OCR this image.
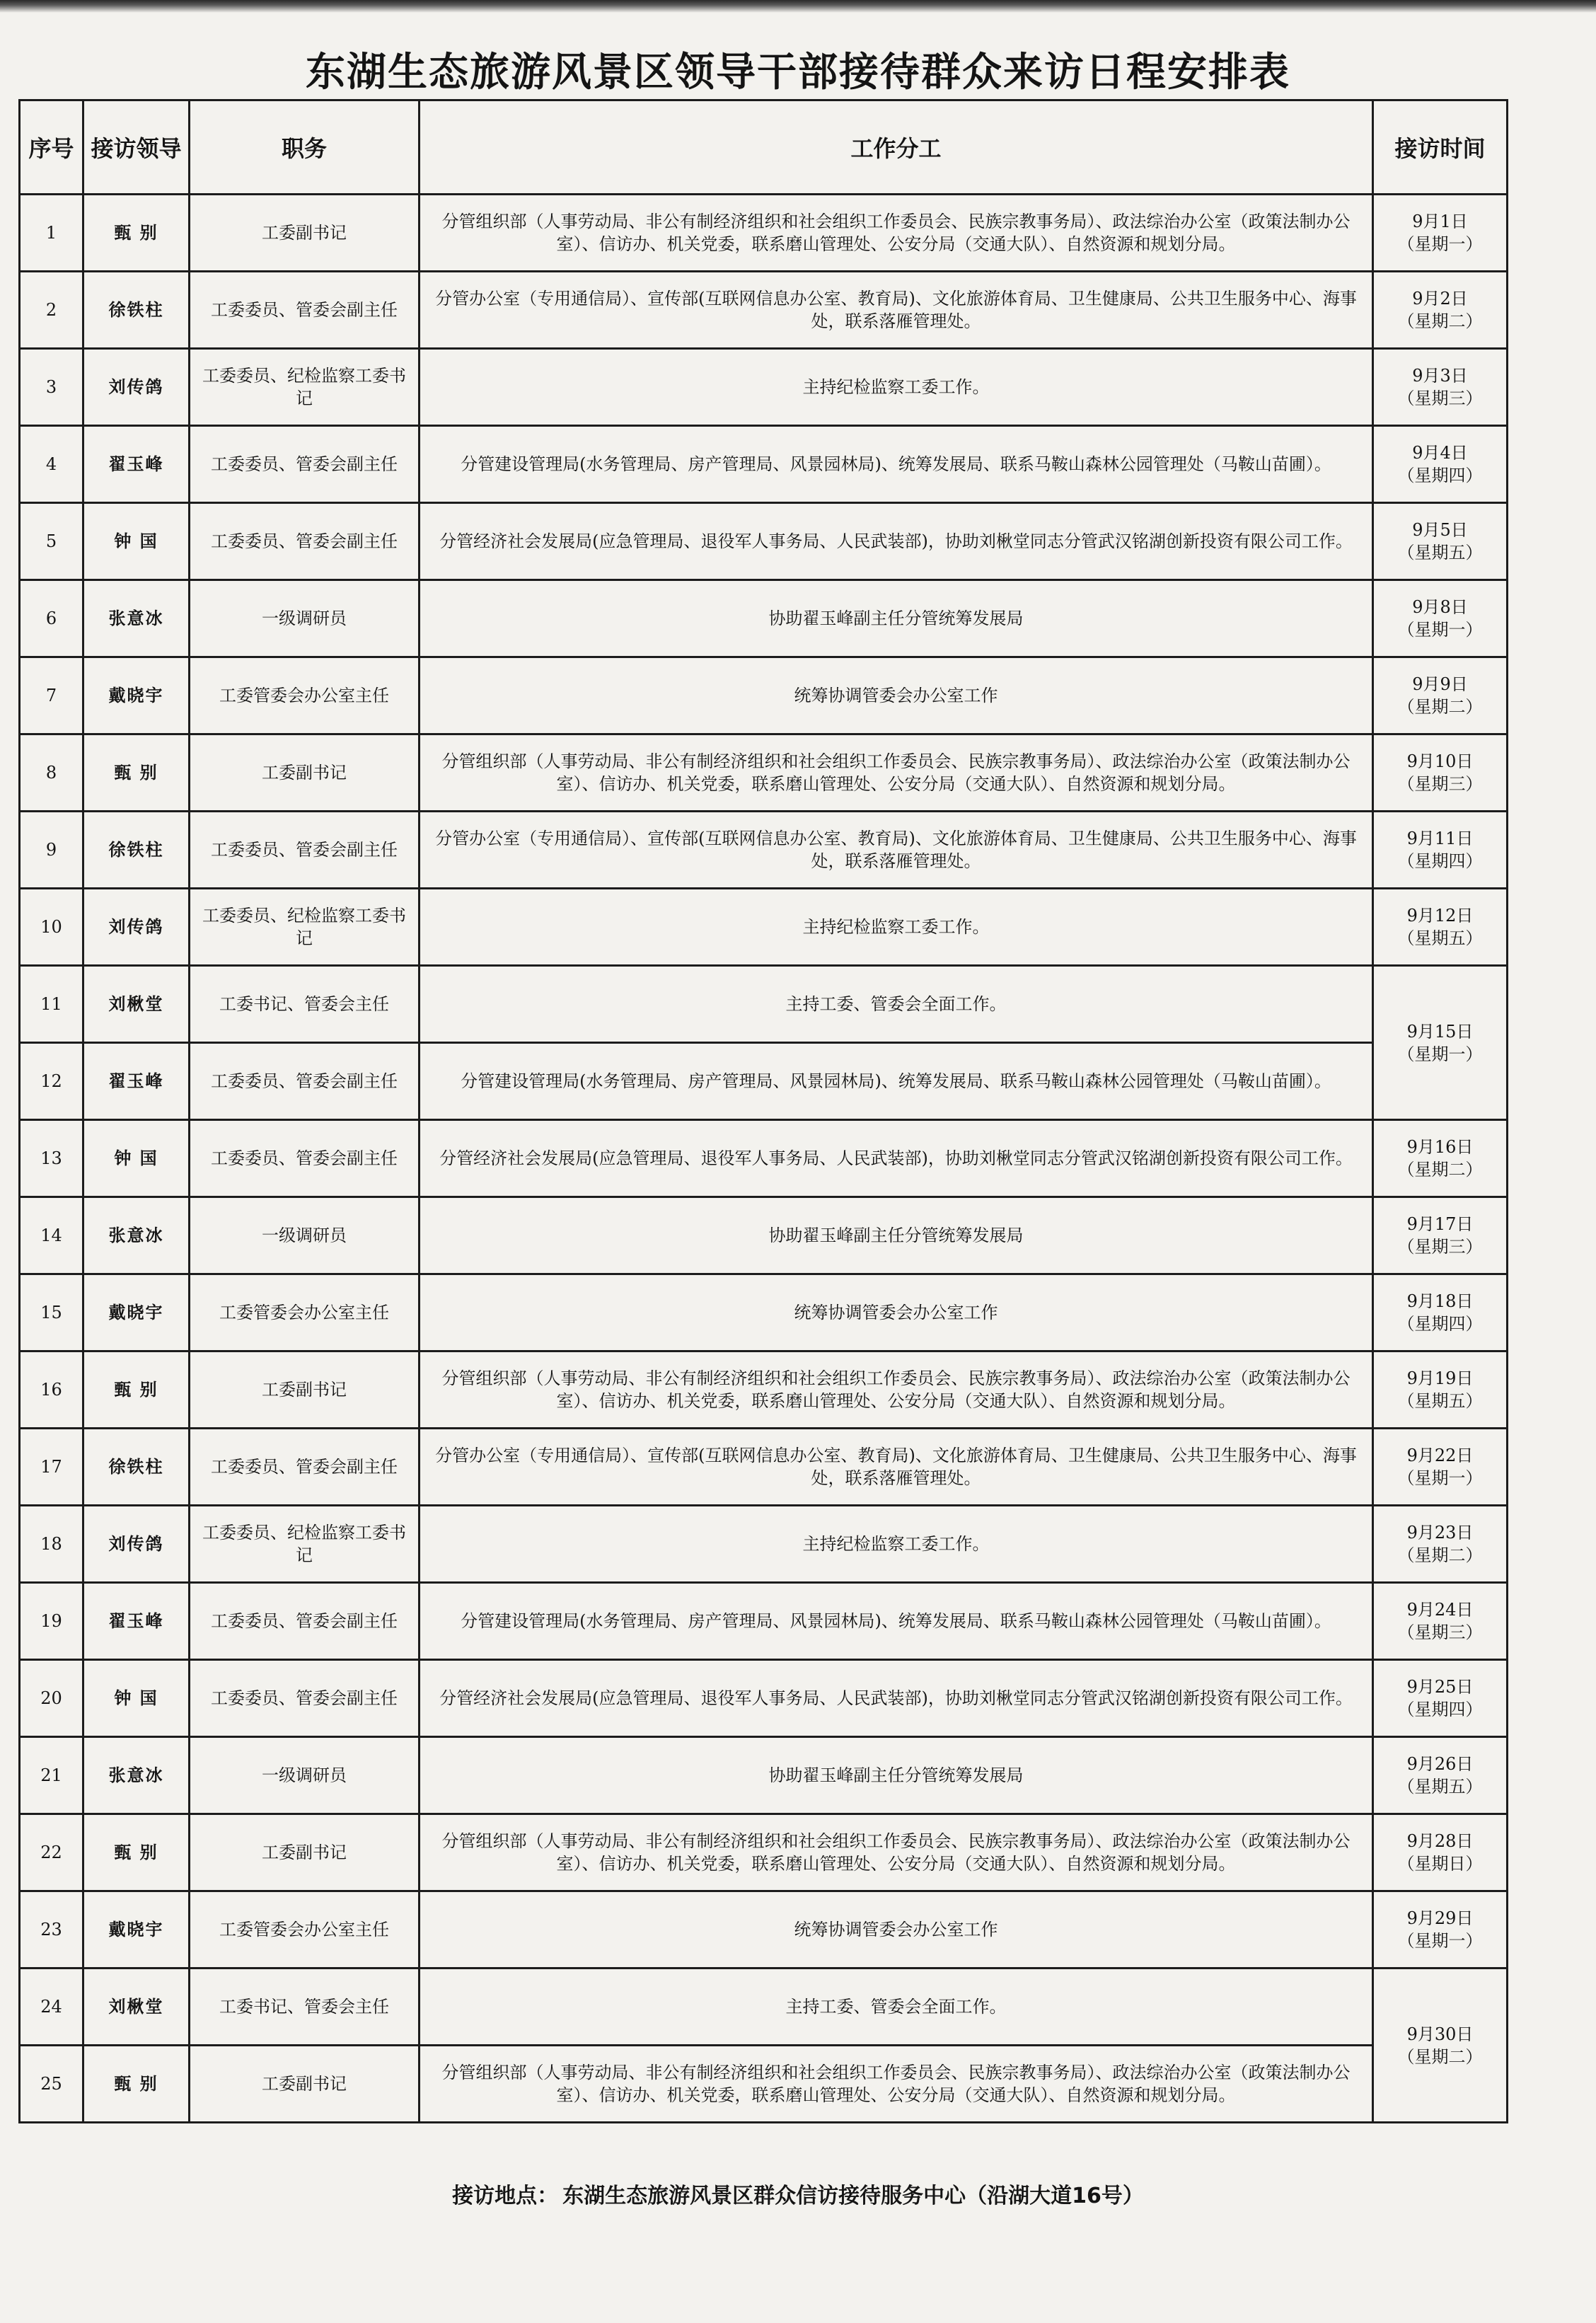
东湖生态旅游风景区领导干部接待群众来访日程安排表
序号	接访领导	职务	工作分工	接访时间
1	甄 别	工委副书记	分管组织部（人事劳动局、非公有制经济组织和社会组织工作委员会、民族宗教事务局）、政法综治办公室（政策法制办公室）、信访办、机关党委，联系磨山管理处、公安分局（交通大队）、自然资源和规划分局。	9月1日
（星期一）

2	徐铁柱	工委委员、管委会副主任	分管办公室（专用通信局）、宣传部(互联网信息办公室、教育局)、文化旅游体育局、卫生健康局、公共卫生服务中心、海事处，联系落雁管理处。	9月2日
（星期二）

3	刘传鸽	工委委员、纪检监察工委书记	主持纪检监察工委工作。	9月3日
（星期三）

4	翟玉峰	工委委员、管委会副主任	分管建设管理局(水务管理局、房产管理局、风景园林局)、统筹发展局、联系马鞍山森林公园管理处（马鞍山苗圃）。	9月4日
（星期四）

5	钟 国	工委委员、管委会副主任	分管经济社会发展局(应急管理局、退役军人事务局、人民武装部)，协助刘楸堂同志分管武汉铭湖创新投资有限公司工作。	9月5日
（星期五）

6	张意冰	一级调研员	协助翟玉峰副主任分管统筹发展局	9月8日
（星期一）

7	戴晓宇	工委管委会办公室主任	统筹协调管委会办公室工作	9月9日
（星期二）

8	甄 别	工委副书记	分管组织部（人事劳动局、非公有制经济组织和社会组织工作委员会、民族宗教事务局）、政法综治办公室（政策法制办公室）、信访办、机关党委，联系磨山管理处、公安分局（交通大队）、自然资源和规划分局。	9月10日
（星期三）

9	徐铁柱	工委委员、管委会副主任	分管办公室（专用通信局）、宣传部(互联网信息办公室、教育局)、文化旅游体育局、卫生健康局、公共卫生服务中心、海事处，联系落雁管理处。	9月11日
（星期四）

10	刘传鸽	工委委员、纪检监察工委书记	主持纪检监察工委工作。	9月12日
（星期五）

11	刘楸堂	工委书记、管委会主任	主持工委、管委会全面工作。	9月15日
（星期一）

12	翟玉峰	工委委员、管委会副主任	分管建设管理局(水务管理局、房产管理局、风景园林局)、统筹发展局、联系马鞍山森林公园管理处（马鞍山苗圃）。	
13	钟 国	工委委员、管委会副主任	分管经济社会发展局(应急管理局、退役军人事务局、人民武装部)，协助刘楸堂同志分管武汉铭湖创新投资有限公司工作。	9月16日
（星期二）

14	张意冰	一级调研员	协助翟玉峰副主任分管统筹发展局	9月17日
（星期三）

15	戴晓宇	工委管委会办公室主任	统筹协调管委会办公室工作	9月18日
（星期四）

16	甄 别	工委副书记	分管组织部（人事劳动局、非公有制经济组织和社会组织工作委员会、民族宗教事务局）、政法综治办公室（政策法制办公室）、信访办、机关党委，联系磨山管理处、公安分局（交通大队）、自然资源和规划分局。	9月19日
（星期五）

17	徐铁柱	工委委员、管委会副主任	分管办公室（专用通信局）、宣传部(互联网信息办公室、教育局)、文化旅游体育局、卫生健康局、公共卫生服务中心、海事处，联系落雁管理处。	9月22日
（星期一）

18	刘传鸽	工委委员、纪检监察工委书记	主持纪检监察工委工作。	9月23日
（星期二）

19	翟玉峰	工委委员、管委会副主任	分管建设管理局(水务管理局、房产管理局、风景园林局)、统筹发展局、联系马鞍山森林公园管理处（马鞍山苗圃）。	9月24日
（星期三）

20	钟 国	工委委员、管委会副主任	分管经济社会发展局(应急管理局、退役军人事务局、人民武装部)，协助刘楸堂同志分管武汉铭湖创新投资有限公司工作。	9月25日
（星期四）

21	张意冰	一级调研员	协助翟玉峰副主任分管统筹发展局	9月26日
（星期五）

22	甄 别	工委副书记	分管组织部（人事劳动局、非公有制经济组织和社会组织工作委员会、民族宗教事务局）、政法综治办公室（政策法制办公室）、信访办、机关党委，联系磨山管理处、公安分局（交通大队）、自然资源和规划分局。	9月28日
（星期日）

23	戴晓宇	工委管委会办公室主任	统筹协调管委会办公室工作	9月29日
（星期一）

24	刘楸堂	工委书记、管委会主任	主持工委、管委会全面工作。	9月30日
（星期二）

25	甄 别	工委副书记	分管组织部（人事劳动局、非公有制经济组织和社会组织工作委员会、民族宗教事务局）、政法综治办公室（政策法制办公室）、信访办、机关党委，联系磨山管理处、公安分局（交通大队）、自然资源和规划分局。	
接访地点： 东湖生态旅游风景区群众信访接待服务中心（沿湖大道16号）
